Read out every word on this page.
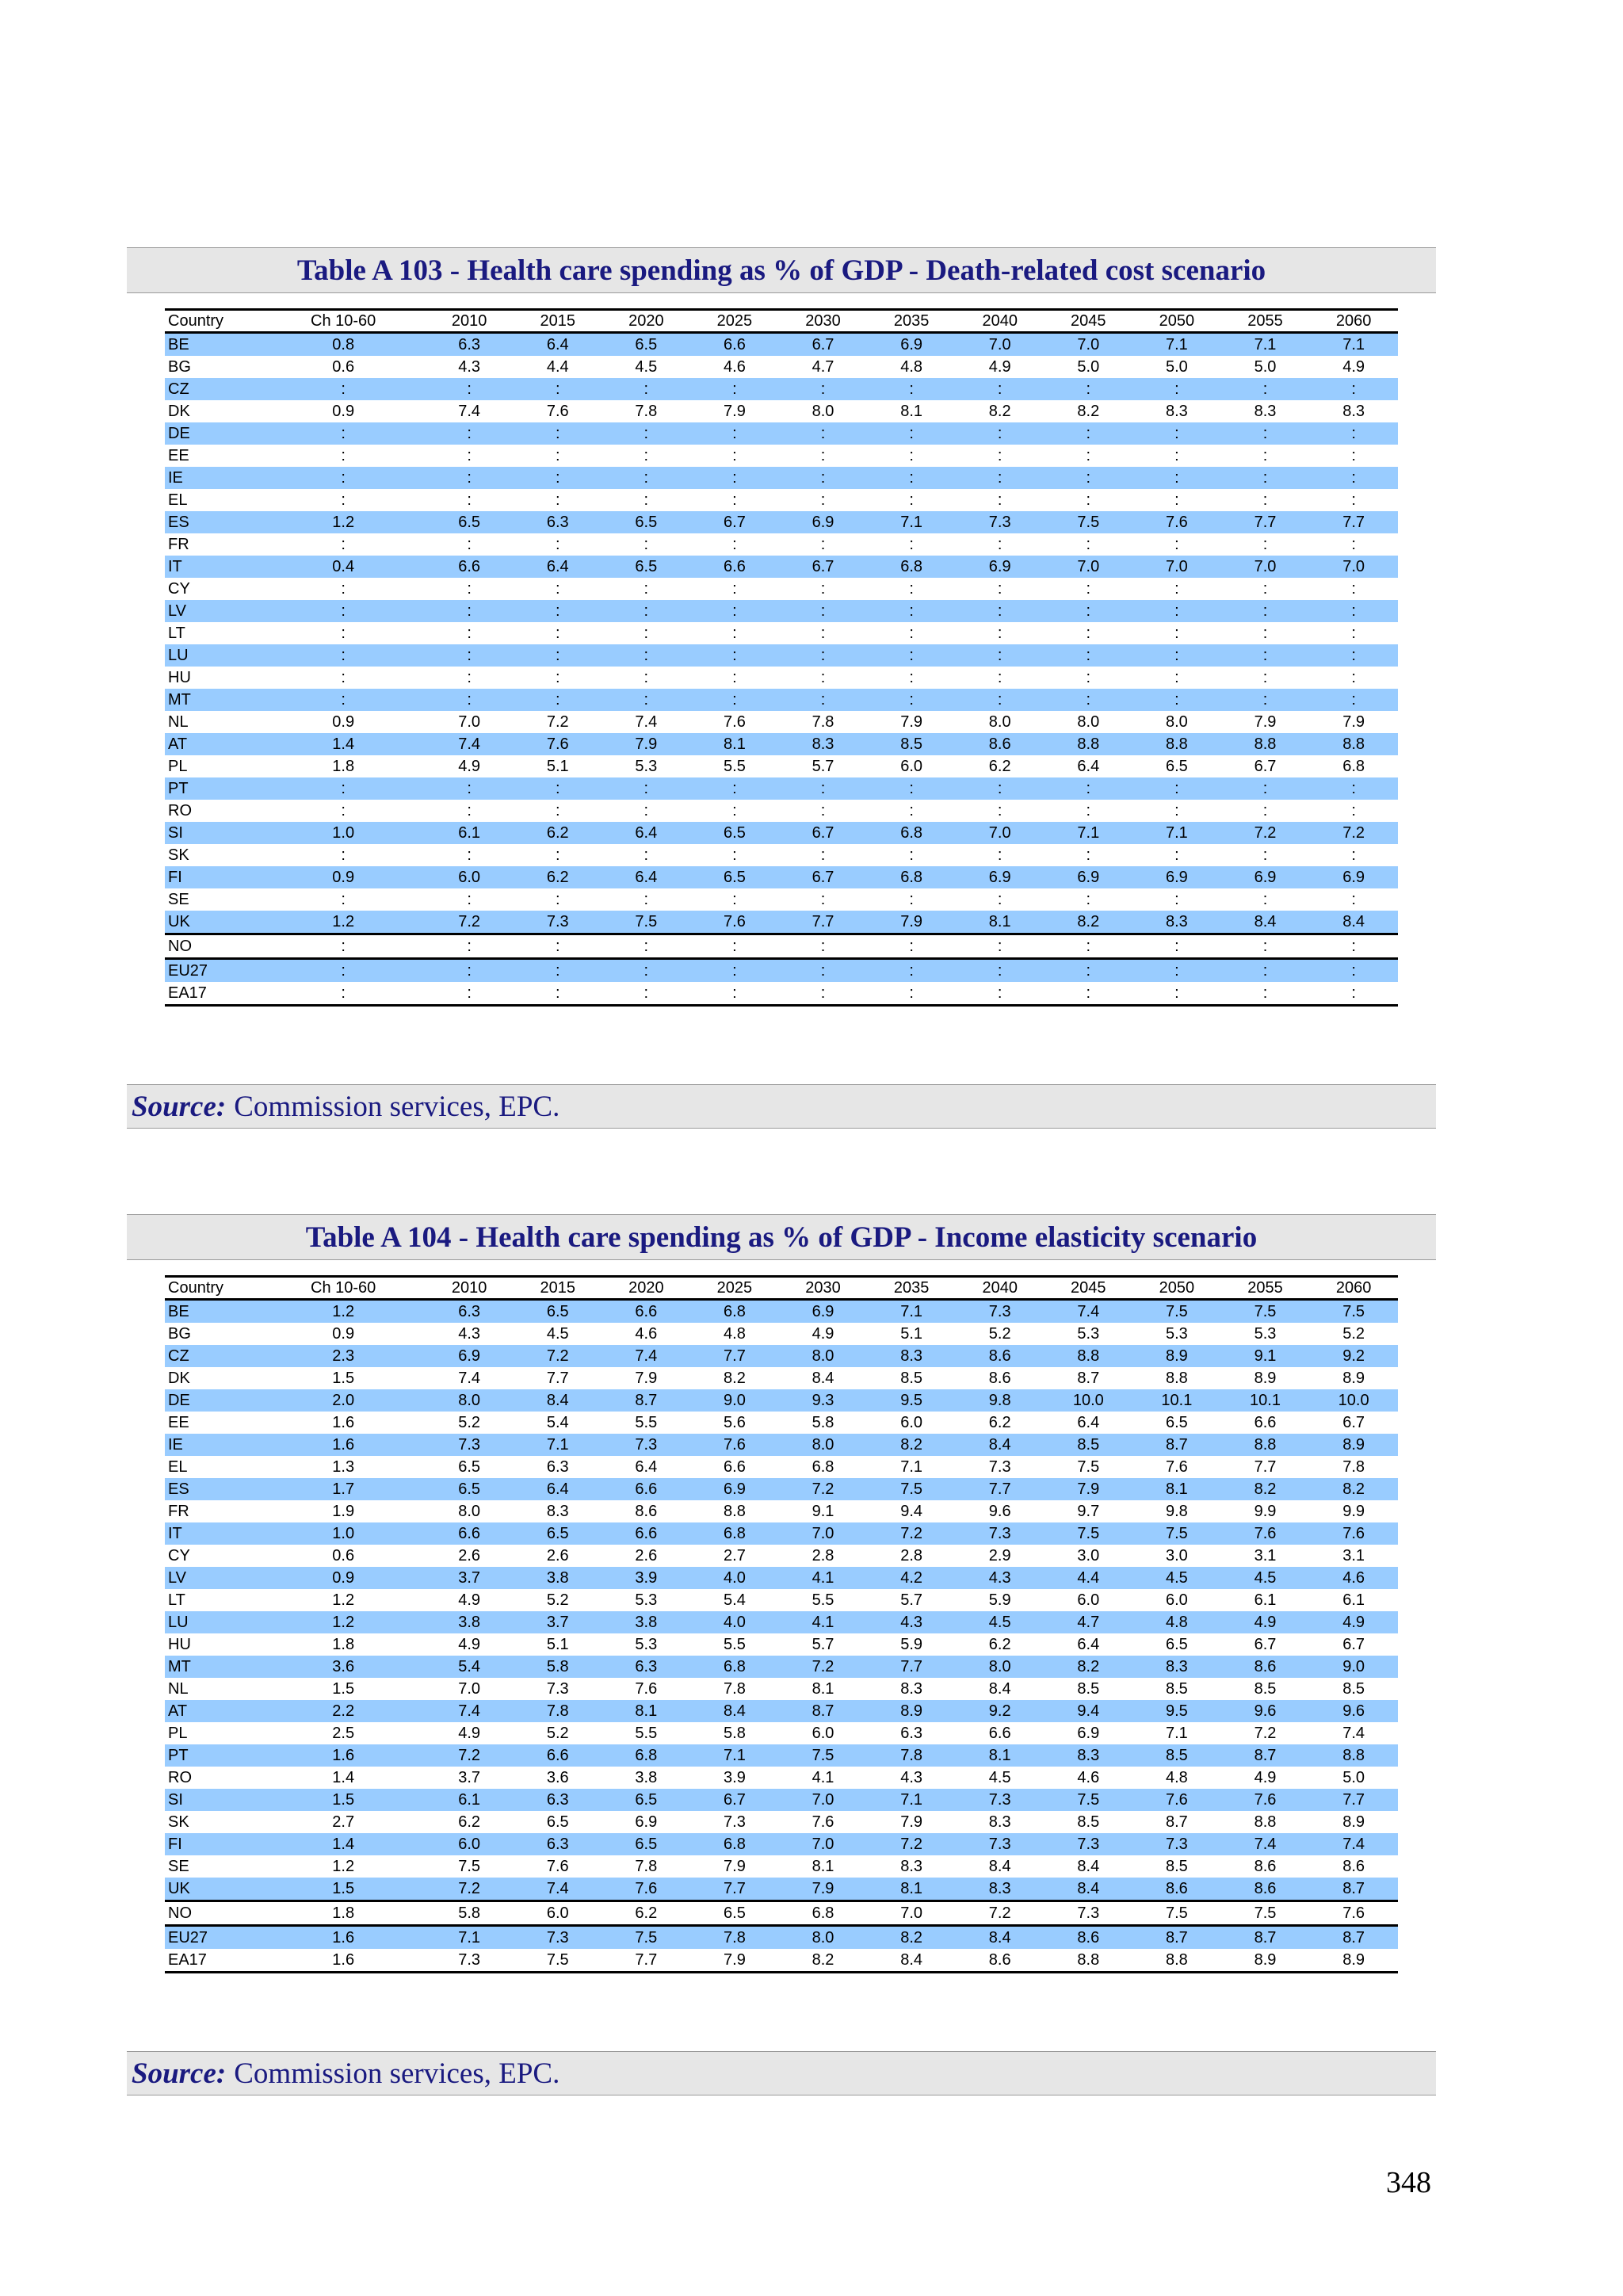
Table A 103 - Health care spending as % of GDP - Death-related cost scenario
Country	Ch 10-60	2010	2015	2020	2025	2030	2035	2040	2045	2050	2055	2060
BE	0.8	6.3	6.4	6.5	6.6	6.7	6.9	7.0	7.0	7.1	7.1	7.1
BG	0.6	4.3	4.4	4.5	4.6	4.7	4.8	4.9	5.0	5.0	5.0	4.9
CZ	:	:	:	:	:	:	:	:	:	:	:	:
DK	0.9	7.4	7.6	7.8	7.9	8.0	8.1	8.2	8.2	8.3	8.3	8.3
DE	:	:	:	:	:	:	:	:	:	:	:	:
EE	:	:	:	:	:	:	:	:	:	:	:	:
IE	:	:	:	:	:	:	:	:	:	:	:	:
EL	:	:	:	:	:	:	:	:	:	:	:	:
ES	1.2	6.5	6.3	6.5	6.7	6.9	7.1	7.3	7.5	7.6	7.7	7.7
FR	:	:	:	:	:	:	:	:	:	:	:	:
IT	0.4	6.6	6.4	6.5	6.6	6.7	6.8	6.9	7.0	7.0	7.0	7.0
CY	:	:	:	:	:	:	:	:	:	:	:	:
LV	:	:	:	:	:	:	:	:	:	:	:	:
LT	:	:	:	:	:	:	:	:	:	:	:	:
LU	:	:	:	:	:	:	:	:	:	:	:	:
HU	:	:	:	:	:	:	:	:	:	:	:	:
MT	:	:	:	:	:	:	:	:	:	:	:	:
NL	0.9	7.0	7.2	7.4	7.6	7.8	7.9	8.0	8.0	8.0	7.9	7.9
AT	1.4	7.4	7.6	7.9	8.1	8.3	8.5	8.6	8.8	8.8	8.8	8.8
PL	1.8	4.9	5.1	5.3	5.5	5.7	6.0	6.2	6.4	6.5	6.7	6.8
PT	:	:	:	:	:	:	:	:	:	:	:	:
RO	:	:	:	:	:	:	:	:	:	:	:	:
SI	1.0	6.1	6.2	6.4	6.5	6.7	6.8	7.0	7.1	7.1	7.2	7.2
SK	:	:	:	:	:	:	:	:	:	:	:	:
FI	0.9	6.0	6.2	6.4	6.5	6.7	6.8	6.9	6.9	6.9	6.9	6.9
SE	:	:	:	:	:	:	:	:	:	:	:	:
UK	1.2	7.2	7.3	7.5	7.6	7.7	7.9	8.1	8.2	8.3	8.4	8.4
NO	:	:	:	:	:	:	:	:	:	:	:	:
EU27	:	:	:	:	:	:	:	:	:	:	:	:
EA17	:	:	:	:	:	:	:	:	:	:	:	:
Source: Commission services, EPC.
Table A 104 - Health care spending as % of GDP - Income elasticity scenario
Country	Ch 10-60	2010	2015	2020	2025	2030	2035	2040	2045	2050	2055	2060
BE	1.2	6.3	6.5	6.6	6.8	6.9	7.1	7.3	7.4	7.5	7.5	7.5
BG	0.9	4.3	4.5	4.6	4.8	4.9	5.1	5.2	5.3	5.3	5.3	5.2
CZ	2.3	6.9	7.2	7.4	7.7	8.0	8.3	8.6	8.8	8.9	9.1	9.2
DK	1.5	7.4	7.7	7.9	8.2	8.4	8.5	8.6	8.7	8.8	8.9	8.9
DE	2.0	8.0	8.4	8.7	9.0	9.3	9.5	9.8	10.0	10.1	10.1	10.0
EE	1.6	5.2	5.4	5.5	5.6	5.8	6.0	6.2	6.4	6.5	6.6	6.7
IE	1.6	7.3	7.1	7.3	7.6	8.0	8.2	8.4	8.5	8.7	8.8	8.9
EL	1.3	6.5	6.3	6.4	6.6	6.8	7.1	7.3	7.5	7.6	7.7	7.8
ES	1.7	6.5	6.4	6.6	6.9	7.2	7.5	7.7	7.9	8.1	8.2	8.2
FR	1.9	8.0	8.3	8.6	8.8	9.1	9.4	9.6	9.7	9.8	9.9	9.9
IT	1.0	6.6	6.5	6.6	6.8	7.0	7.2	7.3	7.5	7.5	7.6	7.6
CY	0.6	2.6	2.6	2.6	2.7	2.8	2.8	2.9	3.0	3.0	3.1	3.1
LV	0.9	3.7	3.8	3.9	4.0	4.1	4.2	4.3	4.4	4.5	4.5	4.6
LT	1.2	4.9	5.2	5.3	5.4	5.5	5.7	5.9	6.0	6.0	6.1	6.1
LU	1.2	3.8	3.7	3.8	4.0	4.1	4.3	4.5	4.7	4.8	4.9	4.9
HU	1.8	4.9	5.1	5.3	5.5	5.7	5.9	6.2	6.4	6.5	6.7	6.7
MT	3.6	5.4	5.8	6.3	6.8	7.2	7.7	8.0	8.2	8.3	8.6	9.0
NL	1.5	7.0	7.3	7.6	7.8	8.1	8.3	8.4	8.5	8.5	8.5	8.5
AT	2.2	7.4	7.8	8.1	8.4	8.7	8.9	9.2	9.4	9.5	9.6	9.6
PL	2.5	4.9	5.2	5.5	5.8	6.0	6.3	6.6	6.9	7.1	7.2	7.4
PT	1.6	7.2	6.6	6.8	7.1	7.5	7.8	8.1	8.3	8.5	8.7	8.8
RO	1.4	3.7	3.6	3.8	3.9	4.1	4.3	4.5	4.6	4.8	4.9	5.0
SI	1.5	6.1	6.3	6.5	6.7	7.0	7.1	7.3	7.5	7.6	7.6	7.7
SK	2.7	6.2	6.5	6.9	7.3	7.6	7.9	8.3	8.5	8.7	8.8	8.9
FI	1.4	6.0	6.3	6.5	6.8	7.0	7.2	7.3	7.3	7.3	7.4	7.4
SE	1.2	7.5	7.6	7.8	7.9	8.1	8.3	8.4	8.4	8.5	8.6	8.6
UK	1.5	7.2	7.4	7.6	7.7	7.9	8.1	8.3	8.4	8.6	8.6	8.7
NO	1.8	5.8	6.0	6.2	6.5	6.8	7.0	7.2	7.3	7.5	7.5	7.6
EU27	1.6	7.1	7.3	7.5	7.8	8.0	8.2	8.4	8.6	8.7	8.7	8.7
EA17	1.6	7.3	7.5	7.7	7.9	8.2	8.4	8.6	8.8	8.8	8.9	8.9
Source: Commission services, EPC.
348
